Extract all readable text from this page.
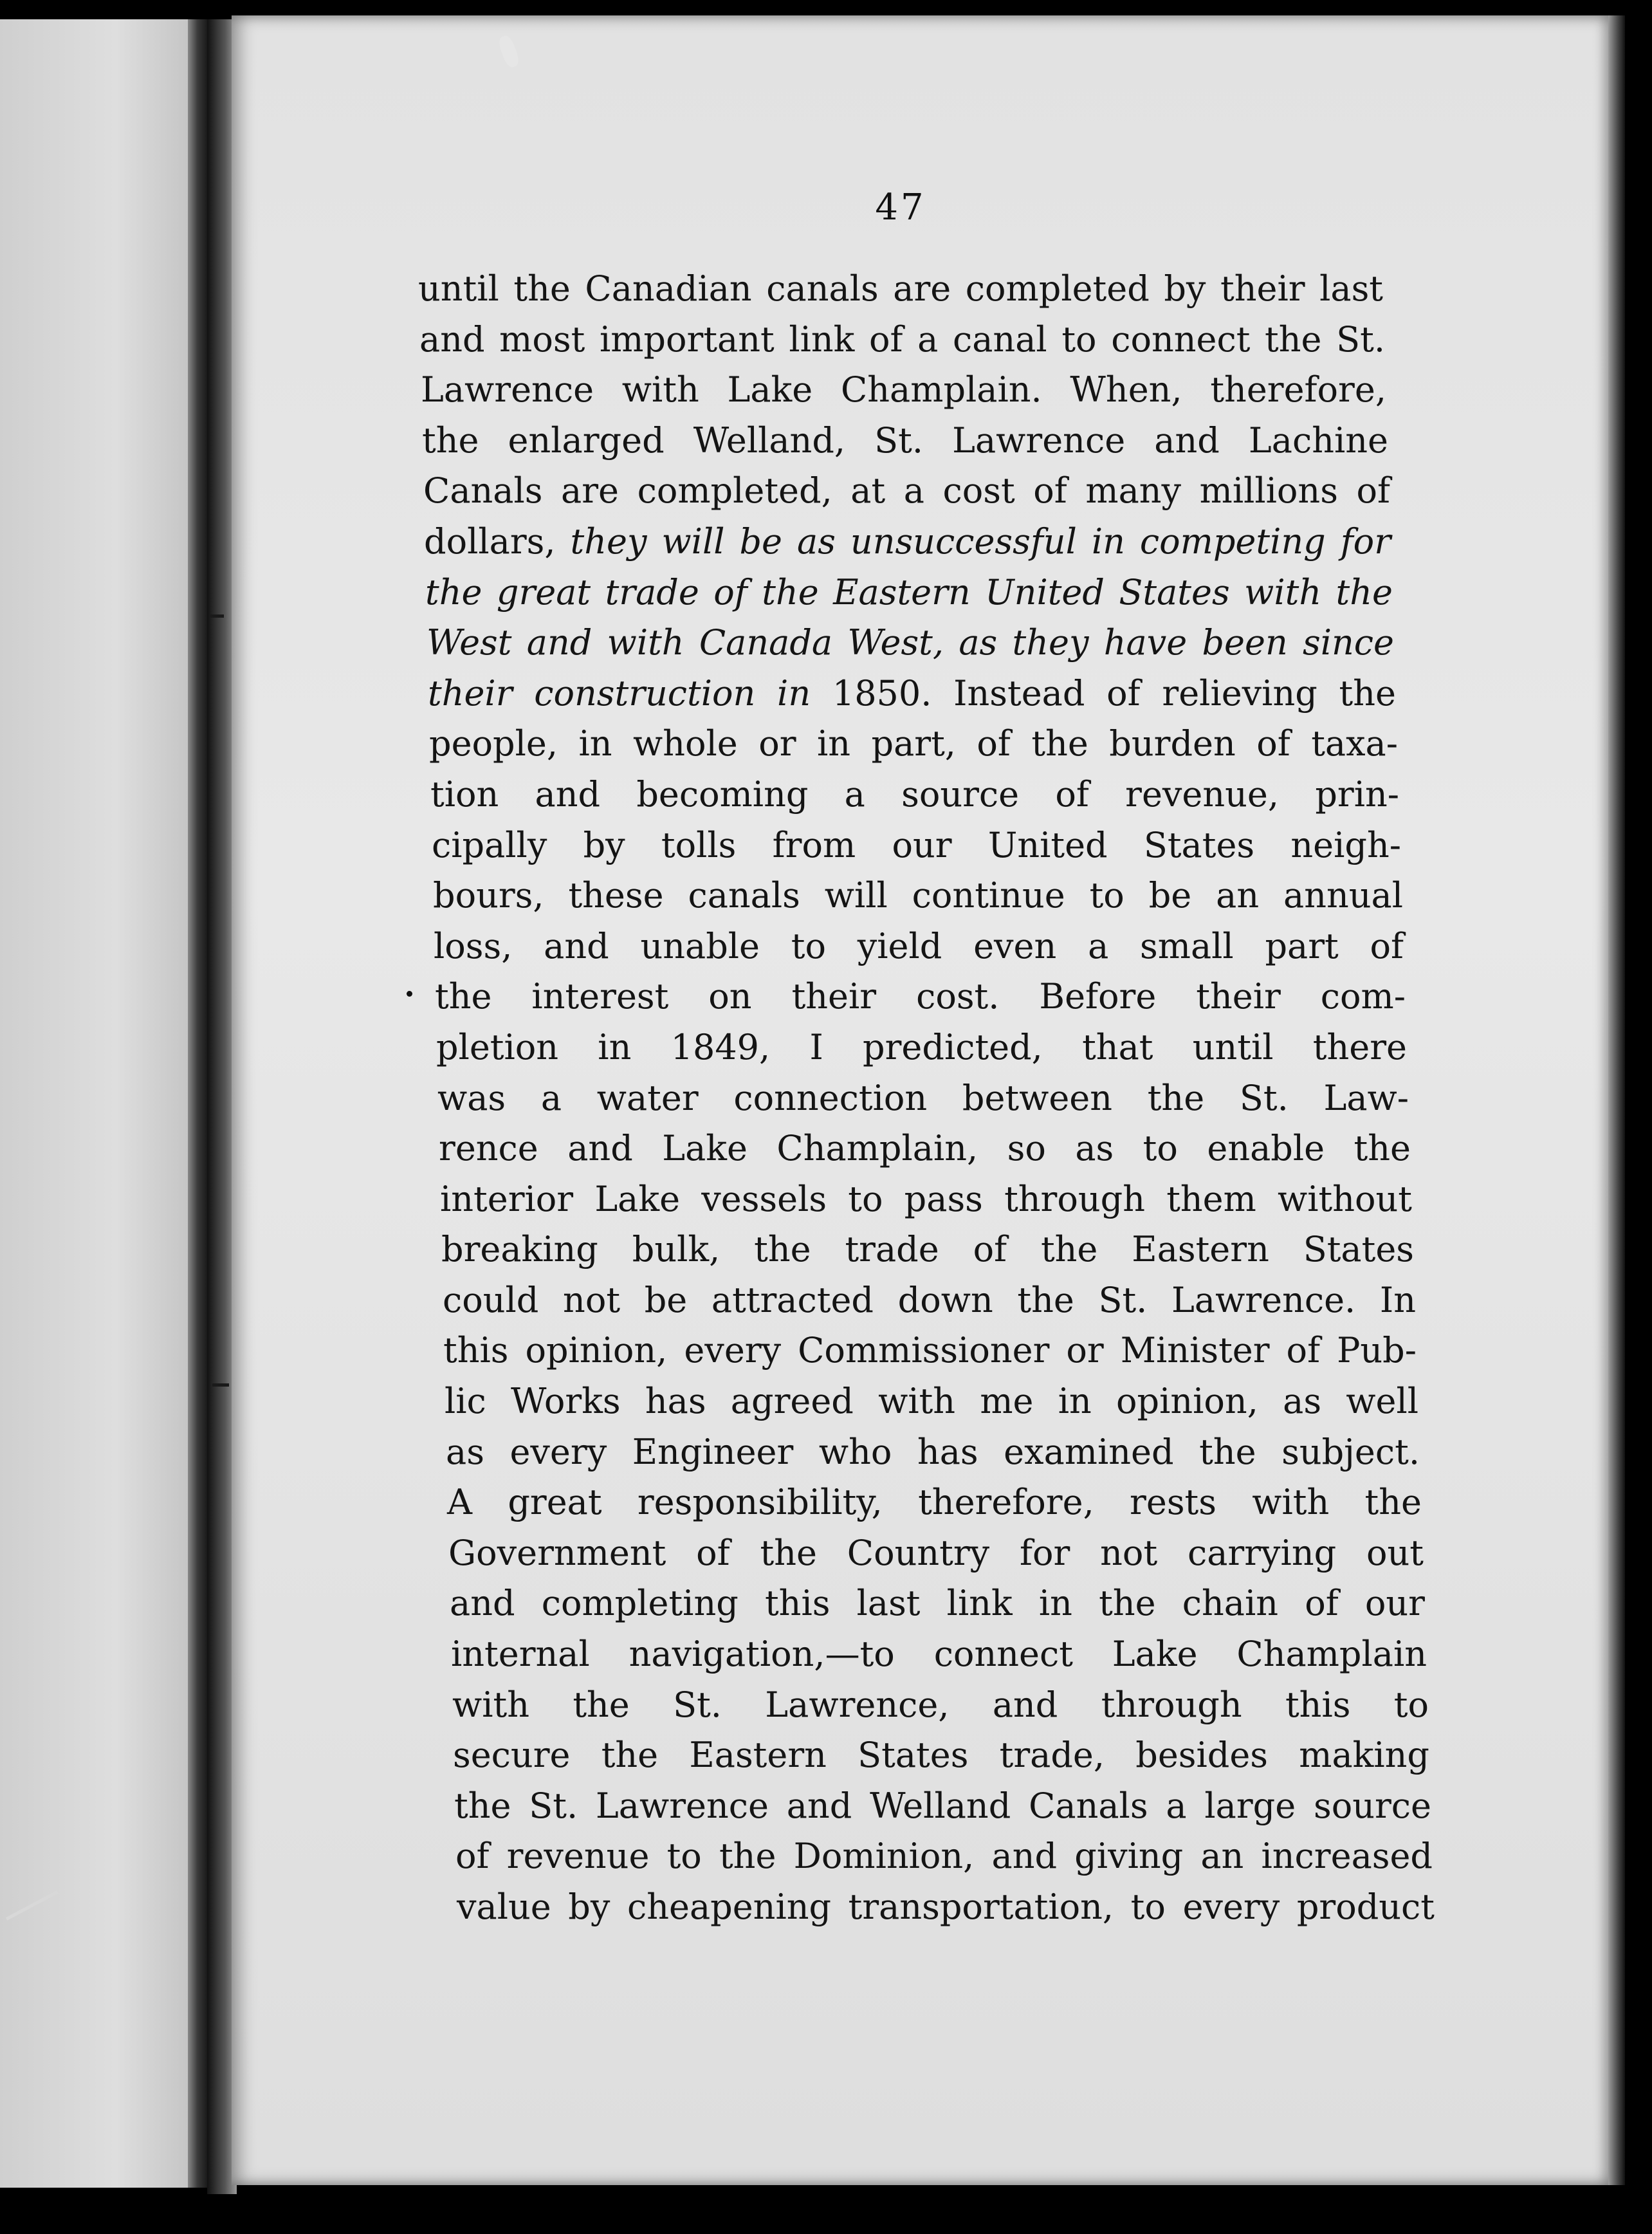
47
until the Canadian canals are completed by their last
and most important link of a canal to connect the St.
Lawrence with Lake Champlain. When, therefore,
the enlarged Welland, St. Lawrence and Lachine
Canals are completed, at a cost of many millions of
dollars, they will be as unsuccessful in competing for
the great trade of the Eastern United States with the
West and with Canada West, as they have been since
their construction in 1850. Instead of relieving the
people, in whole or in part, of the burden of taxa-
tion and becoming a source of revenue, prin-
cipally by tolls from our United States neigh-
bours, these canals will continue to be an annual
loss, and unable to yield even a small part of
the interest on their cost. Before their com-
pletion in 1849, I predicted, that until there
was a water connection between the St. Law-
rence and Lake Champlain, so as to enable the
interior Lake vessels to pass through them without
breaking bulk, the trade of the Eastern States
could not be attracted down the St. Lawrence. In
this opinion, every Commissioner or Minister of Pub-
lic Works has agreed with me in opinion, as well
as every Engineer who has examined the subject.
A great responsibility, therefore, rests with the
Government of the Country for not carrying out
and completing this last link in the chain of our
internal navigation,—to connect Lake Champlain
with the St. Lawrence, and through this to
secure the Eastern States trade, besides making
the St. Lawrence and Welland Canals a large source
of revenue to the Dominion, and giving an increased
value by cheapening transportation, to every product
